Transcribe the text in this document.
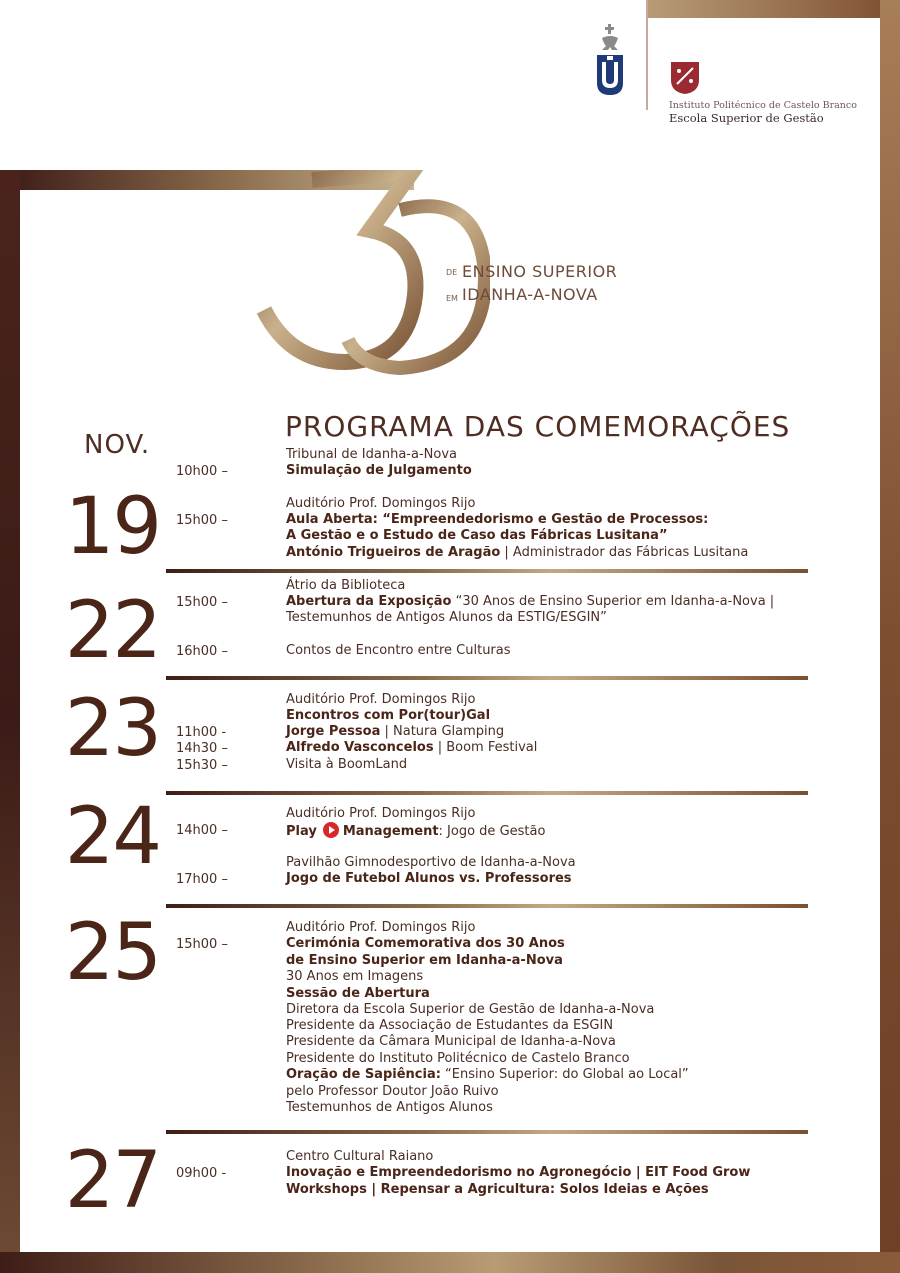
Instituto Politécnico de Castelo Branco
Escola Superior de Gestão
DE ENSINO SUPERIOR
EM IDANHA-A-NOVA
PROGRAMA DAS COMEMORAÇÕES
NOV.
19
Tribunal de Idanha-a-Nova
10h00 –	Simulação de Julgamento
Auditório Prof. Domingos Rijo
15h00 –	Aula Aberta: “Empreendedorismo e Gestão de Processos:
A Gestão e o Estudo de Caso das Fábricas Lusitana”
António Trigueiros de Aragão | Administrador das Fábricas Lusitana
22
Átrio da Biblioteca
15h00 –	Abertura da Exposição “30 Anos de Ensino Superior em Idanha-a-Nova |
Testemunhos de Antigos Alunos da ESTIG/ESGIN”
16h00 –	Contos de Encontro entre Culturas
23	Auditório Prof. Domingos Rijo
Encontros com Por(tour)Gal
11h00 -	Jorge Pessoa | Natura Glamping
14h30 –	Alfredo Vasconcelos | Boom Festival
15h30 –	Visita à BoomLand
24	Auditório Prof. Domingos Rijo
14h00 –	Play Management: Jogo de Gestão
Pavilhão Gimnodesportivo de Idanha-a-Nova
17h00 –	Jogo de Futebol Alunos vs. Professores
25	Auditório Prof. Domingos Rijo
15h00 –	Cerimónia Comemorativa dos 30 Anos
de Ensino Superior em Idanha-a-Nova
30 Anos em Imagens
Sessão de Abertura
Diretora da Escola Superior de Gestão de Idanha-a-Nova
Presidente da Associação de Estudantes da ESGIN
Presidente da Câmara Municipal de Idanha-a-Nova
Presidente do Instituto Politécnico de Castelo Branco
Oração de Sapiência: “Ensino Superior: do Global ao Local”
pelo Professor Doutor João Ruivo
Testemunhos de Antigos Alunos
27	Centro Cultural Raiano
09h00 -	Inovação e Empreendedorismo no Agronegócio | EIT Food Grow
Workshops | Repensar a Agricultura: Solos Ideias e Ações
